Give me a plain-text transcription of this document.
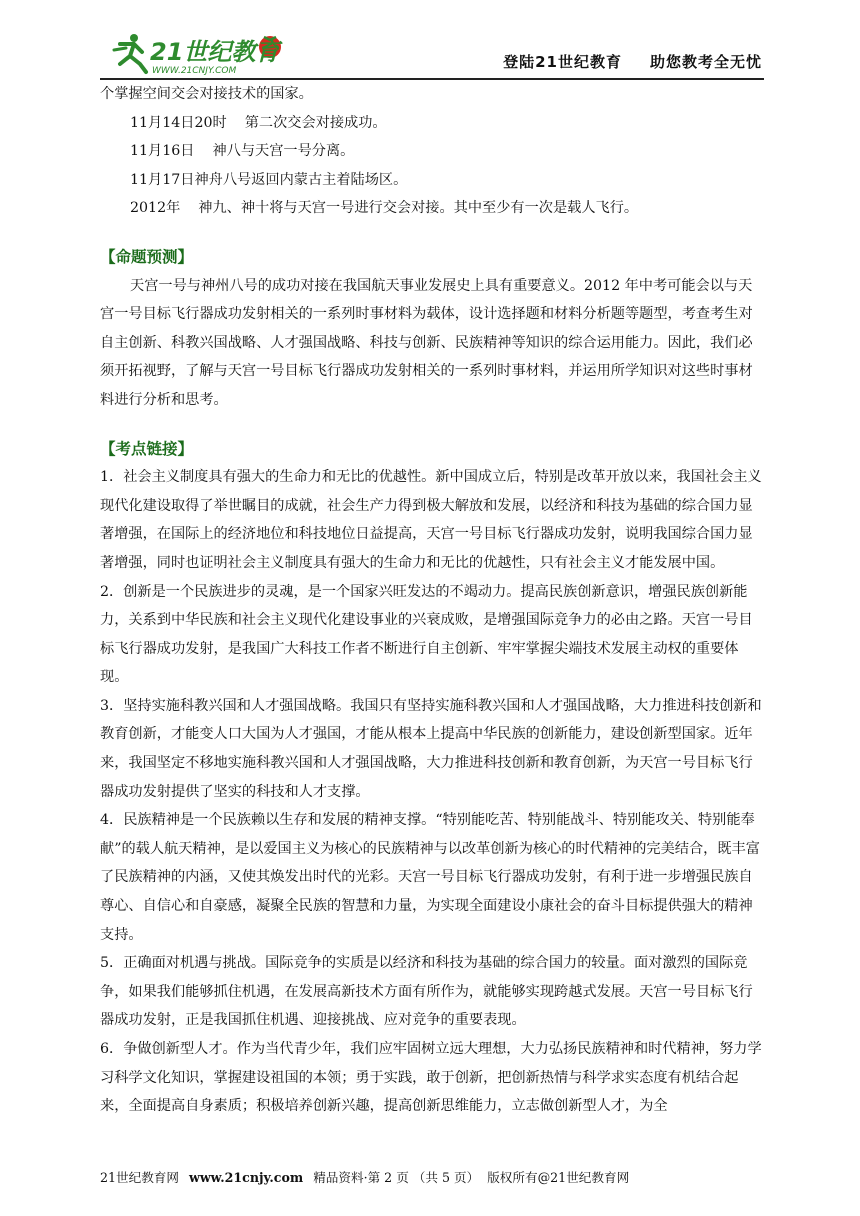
21世纪教育
WWW.21CNJY.COM	登陆21世纪教育 助您教考全无忧

个掌握空间交会对接技术的国家。

11月14日20时 第二次交会对接成功。

11月16日 神八与天宫一号分离。

11月17日神舟八号返回内蒙古主着陆场区。

2012年 神九、神十将与天宫一号进行交会对接。其中至少有一次是载人飞行。

【命题预测】

天宫一号与神州八号的成功对接在我国航天事业发展史上具有重要意义。2012 年中考可能会以与天宫一号目标飞行器成功发射相关的一系列时事材料为载体，设计选择题和材料分析题等题型，考查考生对自主创新、科教兴国战略、人才强国战略、科技与创新、民族精神等知识的综合运用能力。因此，我们必须开拓视野，了解与天宫一号目标飞行器成功发射相关的一系列时事材料，并运用所学知识对这些时事材料进行分析和思考。

【考点链接】

1．社会主义制度具有强大的生命力和无比的优越性。新中国成立后，特别是改革开放以来，我国社会主义现代化建设取得了举世瞩目的成就，社会生产力得到极大解放和发展，以经济和科技为基础的综合国力显著增强，在国际上的经济地位和科技地位日益提高，天宫一号目标飞行器成功发射，说明我国综合国力显著增强，同时也证明社会主义制度具有强大的生命力和无比的优越性，只有社会主义才能发展中国。

2．创新是一个民族进步的灵魂，是一个国家兴旺发达的不竭动力。提高民族创新意识，增强民族创新能力，关系到中华民族和社会主义现代化建设事业的兴衰成败，是增强国际竞争力的必由之路。天宫一号目标飞行器成功发射，是我国广大科技工作者不断进行自主创新、牢牢掌握尖端技术发展主动权的重要体现。

3．坚持实施科教兴国和人才强国战略。我国只有坚持实施科教兴国和人才强国战略，大力推进科技创新和教育创新，才能变人口大国为人才强国，才能从根本上提高中华民族的创新能力，建设创新型国家。近年来，我国坚定不移地实施科教兴国和人才强国战略，大力推进科技创新和教育创新，为天宫一号目标飞行器成功发射提供了坚实的科技和人才支撑。

4．民族精神是一个民族赖以生存和发展的精神支撑。“特别能吃苦、特别能战斗、特别能攻关、特别能奉献”的载人航天精神，是以爱国主义为核心的民族精神与以改革创新为核心的时代精神的完美结合，既丰富了民族精神的内涵，又使其焕发出时代的光彩。天宫一号目标飞行器成功发射，有利于进一步增强民族自尊心、自信心和自豪感，凝聚全民族的智慧和力量，为实现全面建设小康社会的奋斗目标提供强大的精神支持。

5．正确面对机遇与挑战。国际竞争的实质是以经济和科技为基础的综合国力的较量。面对激烈的国际竞争，如果我们能够抓住机遇，在发展高新技术方面有所作为，就能够实现跨越式发展。天宫一号目标飞行器成功发射，正是我国抓住机遇、迎接挑战、应对竞争的重要表现。

6．争做创新型人才。作为当代青少年，我们应牢固树立远大理想，大力弘扬民族精神和时代精神，努力学习科学文化知识，掌握建设祖国的本领；勇于实践，敢于创新，把创新热情与科学求实态度有机结合起来，全面提高自身素质；积极培养创新兴趣，提高创新思维能力，立志做创新型人才，为全

21世纪教育网 www.21cnjy.com 精品资料·第 2 页 （共 5 页） 版权所有@21世纪教育网
